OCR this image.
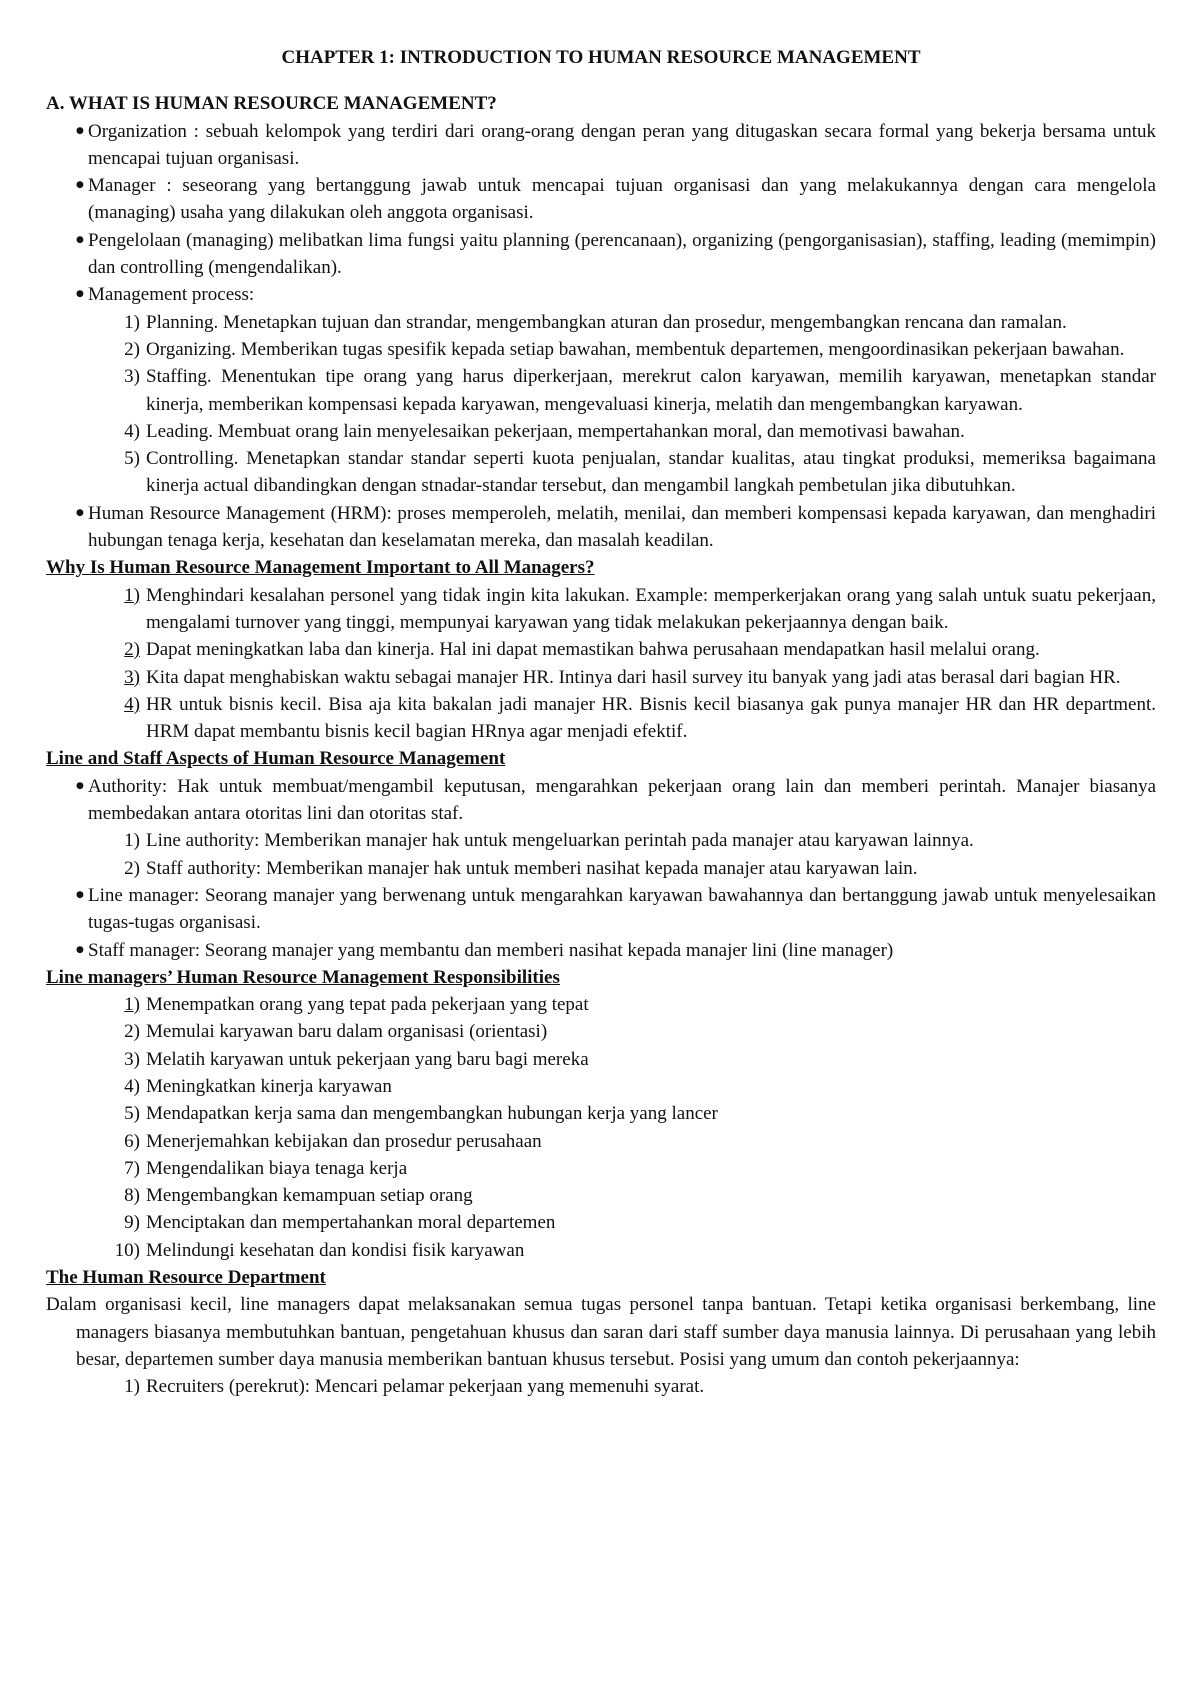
CHAPTER 1: INTRODUCTION TO HUMAN RESOURCE MANAGEMENT
A. WHAT IS HUMAN RESOURCE MANAGEMENT?
● Organization : sebuah kelompok yang terdiri dari orang-orang dengan peran yang ditugaskan secara formal yang bekerja bersama untuk mencapai tujuan organisasi.
● Manager : seseorang yang bertanggung jawab untuk mencapai tujuan organisasi dan yang melakukannya dengan cara mengelola (managing) usaha yang dilakukan oleh anggota organisasi.
● Pengelolaan (managing) melibatkan lima fungsi yaitu planning (perencanaan), organizing (pengorganisasian), staffing, leading (memimpin) dan controlling (mengendalikan).
● Management process:
1) Planning. Menetapkan tujuan dan strandar, mengembangkan aturan dan prosedur, mengembangkan rencana dan ramalan.
2) Organizing. Memberikan tugas spesifik kepada setiap bawahan, membentuk departemen, mengoordinasikan pekerjaan bawahan.
3) Staffing. Menentukan tipe orang yang harus diperkerjaan, merekrut calon karyawan, memilih karyawan, menetapkan standar kinerja, memberikan kompensasi kepada karyawan, mengevaluasi kinerja, melatih dan mengembangkan karyawan.
4) Leading. Membuat orang lain menyelesaikan pekerjaan, mempertahankan moral, dan memotivasi bawahan.
5) Controlling. Menetapkan standar standar seperti kuota penjualan, standar kualitas, atau tingkat produksi, memeriksa bagaimana kinerja actual dibandingkan dengan stnadar-standar tersebut, dan mengambil langkah pembetulan jika dibutuhkan.
● Human Resource Management (HRM): proses memperoleh, melatih, menilai, dan memberi kompensasi kepada karyawan, dan menghadiri hubungan tenaga kerja, kesehatan dan keselamatan mereka, dan masalah keadilan.
Why Is Human Resource Management Important to All Managers?
1) Menghindari kesalahan personel yang tidak ingin kita lakukan. Example: memperkerjakan orang yang salah untuk suatu pekerjaan, mengalami turnover yang tinggi, mempunyai karyawan yang tidak melakukan pekerjaannya dengan baik.
2) Dapat meningkatkan laba dan kinerja. Hal ini dapat memastikan bahwa perusahaan mendapatkan hasil melalui orang.
3) Kita dapat menghabiskan waktu sebagai manajer HR. Intinya dari hasil survey itu banyak yang jadi atas berasal dari bagian HR.
4) HR untuk bisnis kecil. Bisa aja kita bakalan jadi manajer HR. Bisnis kecil biasanya gak punya manajer HR dan HR department. HRM dapat membantu bisnis kecil bagian HRnya agar menjadi efektif.
Line and Staff Aspects of Human Resource Management
● Authority: Hak untuk membuat/mengambil keputusan, mengarahkan pekerjaan orang lain dan memberi perintah. Manajer biasanya membedakan antara otoritas lini dan otoritas staf.
1) Line authority: Memberikan manajer hak untuk mengeluarkan perintah pada manajer atau karyawan lainnya.
2) Staff authority: Memberikan manajer hak untuk memberi nasihat kepada manajer atau karyawan lain.
● Line manager: Seorang manajer yang berwenang untuk mengarahkan karyawan bawahannya dan bertanggung jawab untuk menyelesaikan tugas-tugas organisasi.
● Staff manager: Seorang manajer yang membantu dan memberi nasihat kepada manajer lini (line manager)
Line managers’ Human Resource Management Responsibilities
1) Menempatkan orang yang tepat pada pekerjaan yang tepat
2) Memulai karyawan baru dalam organisasi (orientasi)
3) Melatih karyawan untuk pekerjaan yang baru bagi mereka
4) Meningkatkan kinerja karyawan
5) Mendapatkan kerja sama dan mengembangkan hubungan kerja yang lancer
6) Menerjemahkan kebijakan dan prosedur perusahaan
7) Mengendalikan biaya tenaga kerja
8) Mengembangkan kemampuan setiap orang
9) Menciptakan dan mempertahankan moral departemen
10) Melindungi kesehatan dan kondisi fisik karyawan
The Human Resource Department

Dalam organisasi kecil, line managers dapat melaksanakan semua tugas personel tanpa bantuan. Tetapi ketika organisasi berkembang, line managers biasanya membutuhkan bantuan, pengetahuan khusus dan saran dari staff sumber daya manusia lainnya. Di perusahaan yang lebih besar, departemen sumber daya manusia memberikan bantuan khusus tersebut. Posisi yang umum dan contoh pekerjaannya:

1) Recruiters (perekrut): Mencari pelamar pekerjaan yang memenuhi syarat.
